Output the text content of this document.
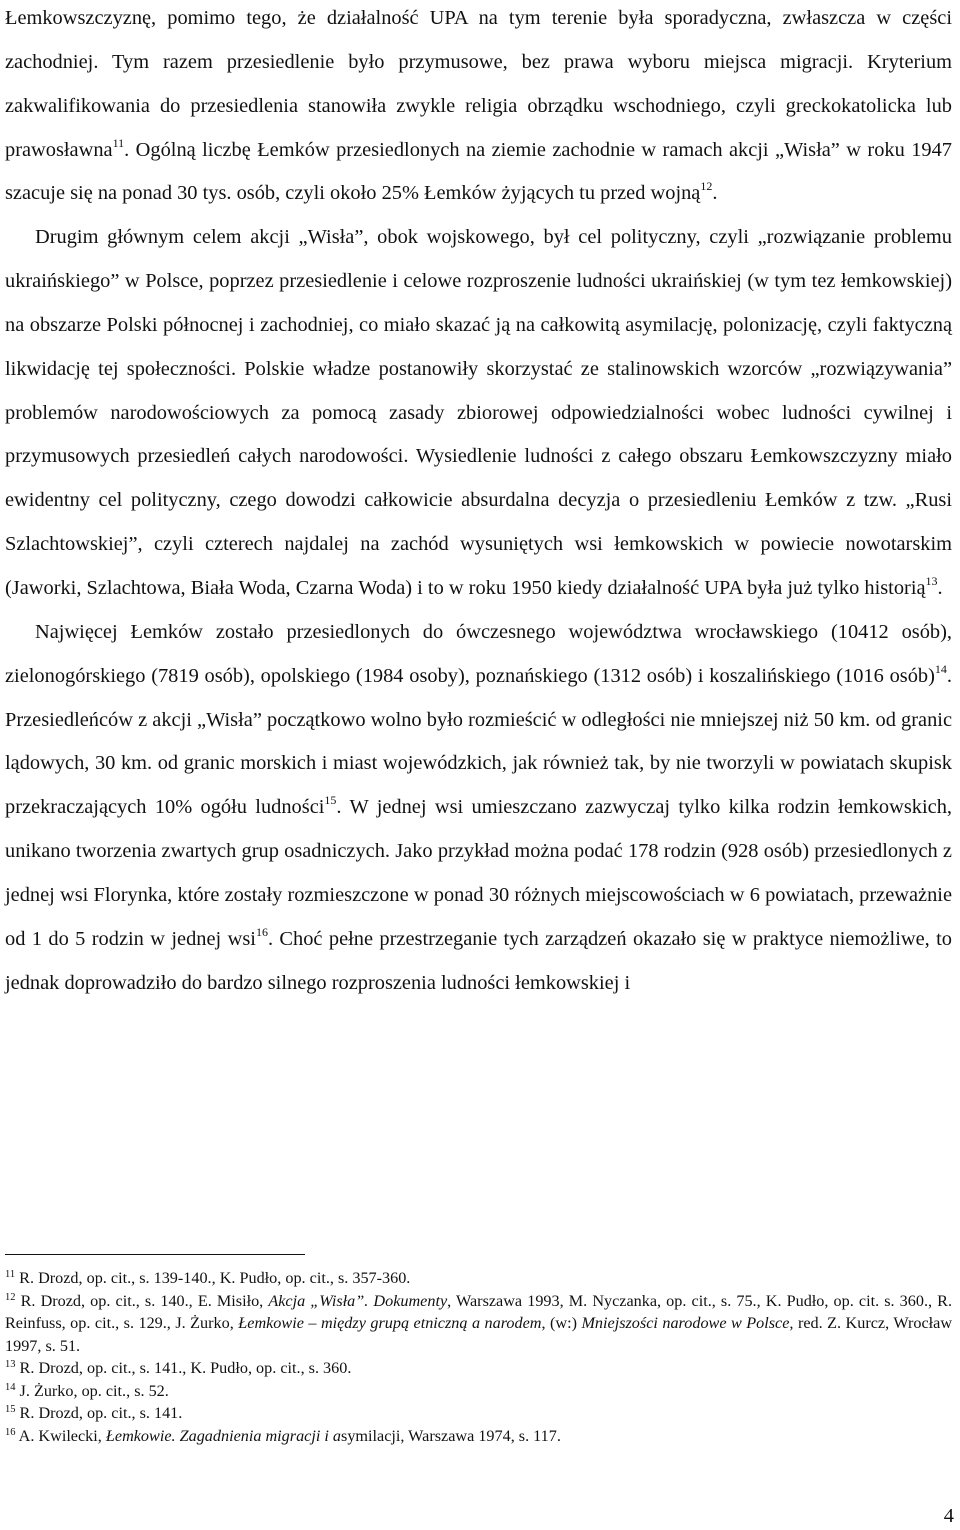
Łemkowszczyznę, pomimo tego, że działalność UPA na tym terenie była sporadyczna, zwłaszcza w części zachodniej. Tym razem przesiedlenie było przymusowe, bez prawa wyboru miejsca migracji. Kryterium zakwalifikowania do przesiedlenia stanowiła zwykle religia obrządku wschodniego, czyli greckokatolicka lub prawosławna$^{11}$. Ogólną liczbę Łemków przesiedlonych na ziemie zachodnie w ramach akcji „Wisła” w roku 1947 szacuje się na ponad 30 tys. osób, czyli około 25% Łemków żyjących tu przed wojną$^{12}$.

Drugim głównym celem akcji „Wisła”, obok wojskowego, był cel polityczny, czyli „rozwiązanie problemu ukraińskiego” w Polsce, poprzez przesiedlenie i celowe rozproszenie ludności ukraińskiej (w tym tez łemkowskiej) na obszarze Polski północnej i zachodniej, co miało skazać ją na całkowitą asymilację, polonizację, czyli faktyczną likwidację tej społeczności. Polskie władze postanowiły skorzystać ze stalinowskich wzorców „rozwiązywania” problemów narodowościowych za pomocą zasady zbiorowej odpowiedzialności wobec ludności cywilnej i przymusowych przesiedleń całych narodowości. Wysiedlenie ludności z całego obszaru Łemkowszczyzny miało ewidentny cel polityczny, czego dowodzi całkowicie absurdalna decyzja o przesiedleniu Łemków z tzw. „Rusi Szlachtowskiej”, czyli czterech najdalej na zachód wysuniętych wsi łemkowskich w powiecie nowotarskim (Jaworki, Szlachtowa, Biała Woda, Czarna Woda) i to w roku 1950 kiedy działalność UPA była już tylko historią$^{13}$.

Najwięcej Łemków zostało przesiedlonych do ówczesnego województwa wrocławskiego (10412 osób), zielonogórskiego (7819 osób), opolskiego (1984 osoby), poznańskiego (1312 osób) i koszalińskiego (1016 osób)$^{14}$. Przesiedleńców z akcji „Wisła” początkowo wolno było rozmieścić w odległości nie mniejszej niż 50 km. od granic lądowych, 30 km. od granic morskich i miast wojewódzkich, jak również tak, by nie tworzyli w powiatach skupisk przekraczających 10% ogółu ludności$^{15}$. W jednej wsi umieszczano zazwyczaj tylko kilka rodzin łemkowskich, unikano tworzenia zwartych grup osadniczych. Jako przykład można podać 178 rodzin (928 osób) przesiedlonych z jednej wsi Florynka, które zostały rozmieszczone w ponad 30 różnych miejscowościach w 6 powiatach, przeważnie od 1 do 5 rodzin w jednej wsi$^{16}$. Choć pełne przestrzeganie tych zarządzeń okazało się w praktyce niemożliwe, to jednak doprowadziło do bardzo silnego rozproszenia ludności łemkowskiej i

$^{11}$ R. Drozd, op. cit., s. 139-140., K. Pudło, op. cit., s. 357-360.

$^{12}$ R. Drozd, op. cit., s. 140., E. Misiło, Akcja „Wisła”. Dokumenty, Warszawa 1993, M. Nyczanka, op. cit., s. 75., K. Pudło, op. cit. s. 360., R. Reinfuss, op. cit., s. 129., J. Żurko, Łemkowie – między grupą etniczną a narodem, (w:) Mniejszości narodowe w Polsce, red. Z. Kurcz, Wrocław 1997, s. 51.

$^{13}$ R. Drozd, op. cit., s. 141., K. Pudło, op. cit., s. 360.

$^{14}$ J. Żurko, op. cit., s. 52.

$^{15}$ R. Drozd, op. cit., s. 141.

$^{16}$ A. Kwilecki, Łemkowie. Zagadnienia migracji i asymilacji, Warszawa 1974, s. 117.

4
